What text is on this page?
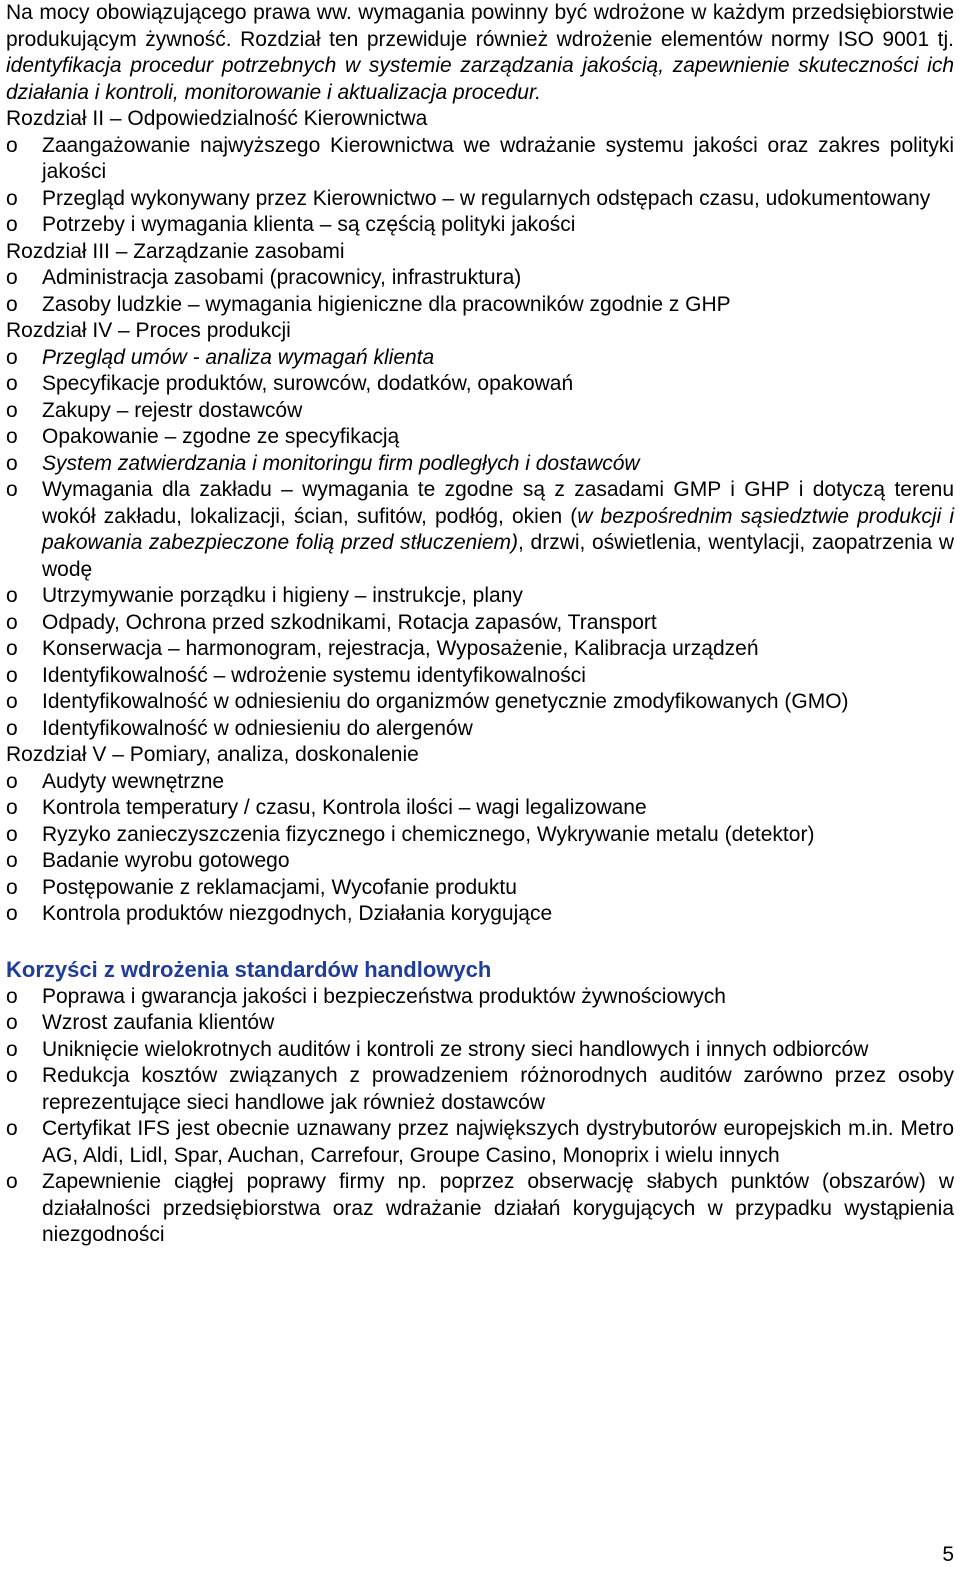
Na mocy obowiązującego prawa ww. wymagania powinny być wdrożone w każdym przedsiębiorstwie produkującym żywność. Rozdział ten przewiduje również wdrożenie elementów normy ISO 9001 tj. identyfikacja procedur potrzebnych w systemie zarządzania jakością, zapewnienie skuteczności ich działania i kontroli, monitorowanie i aktualizacja procedur.

Rozdział II – Odpowiedzialność Kierownictwa

o Zaangażowanie najwyższego Kierownictwa we wdrażanie systemu jakości oraz zakres polityki jakości
o Przegląd wykonywany przez Kierownictwo – w regularnych odstępach czasu, udokumentowany
o Potrzeby i wymagania klienta – są częścią polityki jakości

Rozdział III – Zarządzanie zasobami

o Administracja zasobami (pracownicy, infrastruktura)
o Zasoby ludzkie – wymagania higieniczne dla pracowników zgodnie z GHP

Rozdział IV – Proces produkcji

o Przegląd umów - analiza wymagań klienta
o Specyfikacje produktów, surowców, dodatków, opakowań
o Zakupy – rejestr dostawców
o Opakowanie – zgodne ze specyfikacją
o System zatwierdzania i monitoringu firm podległych i dostawców
o Wymagania dla zakładu – wymagania te zgodne są z zasadami GMP i GHP i dotyczą terenu wokół zakładu, lokalizacji, ścian, sufitów, podłóg, okien (w bezpośrednim sąsiedztwie produkcji i pakowania zabezpieczone folią przed stłuczeniem), drzwi, oświetlenia, wentylacji, zaopatrzenia w wodę
o Utrzymywanie porządku i higieny – instrukcje, plany
o Odpady, Ochrona przed szkodnikami, Rotacja zapasów, Transport
o Konserwacja – harmonogram, rejestracja, Wyposażenie, Kalibracja urządzeń
o Identyfikowalność – wdrożenie systemu identyfikowalności
o Identyfikowalność w odniesieniu do organizmów genetycznie zmodyfikowanych (GMO)
o Identyfikowalność w odniesieniu do alergenów

Rozdział V – Pomiary, analiza, doskonalenie

o Audyty wewnętrzne
o Kontrola temperatury / czasu, Kontrola ilości – wagi legalizowane
o Ryzyko zanieczyszczenia fizycznego i chemicznego, Wykrywanie metalu (detektor)
o Badanie wyrobu gotowego
o Postępowanie z reklamacjami, Wycofanie produktu
o Kontrola produktów niezgodnych, Działania korygujące

Korzyści z wdrożenia standardów handlowych

o Poprawa i gwarancja jakości i bezpieczeństwa produktów żywnościowych
o Wzrost zaufania klientów
o Uniknięcie wielokrotnych auditów i kontroli ze strony sieci handlowych i innych odbiorców
o Redukcja kosztów związanych z prowadzeniem różnorodnych auditów zarówno przez osoby reprezentujące sieci handlowe jak również dostawców
o Certyfikat IFS jest obecnie uznawany przez największych dystrybutorów europejskich m.in. Metro AG, Aldi, Lidl, Spar, Auchan, Carrefour, Groupe Casino, Monoprix i wielu innych
o Zapewnienie ciągłej poprawy firmy np. poprzez obserwację słabych punktów (obszarów) w działalności przedsiębiorstwa oraz wdrażanie działań korygujących w przypadku wystąpienia niezgodności
5
